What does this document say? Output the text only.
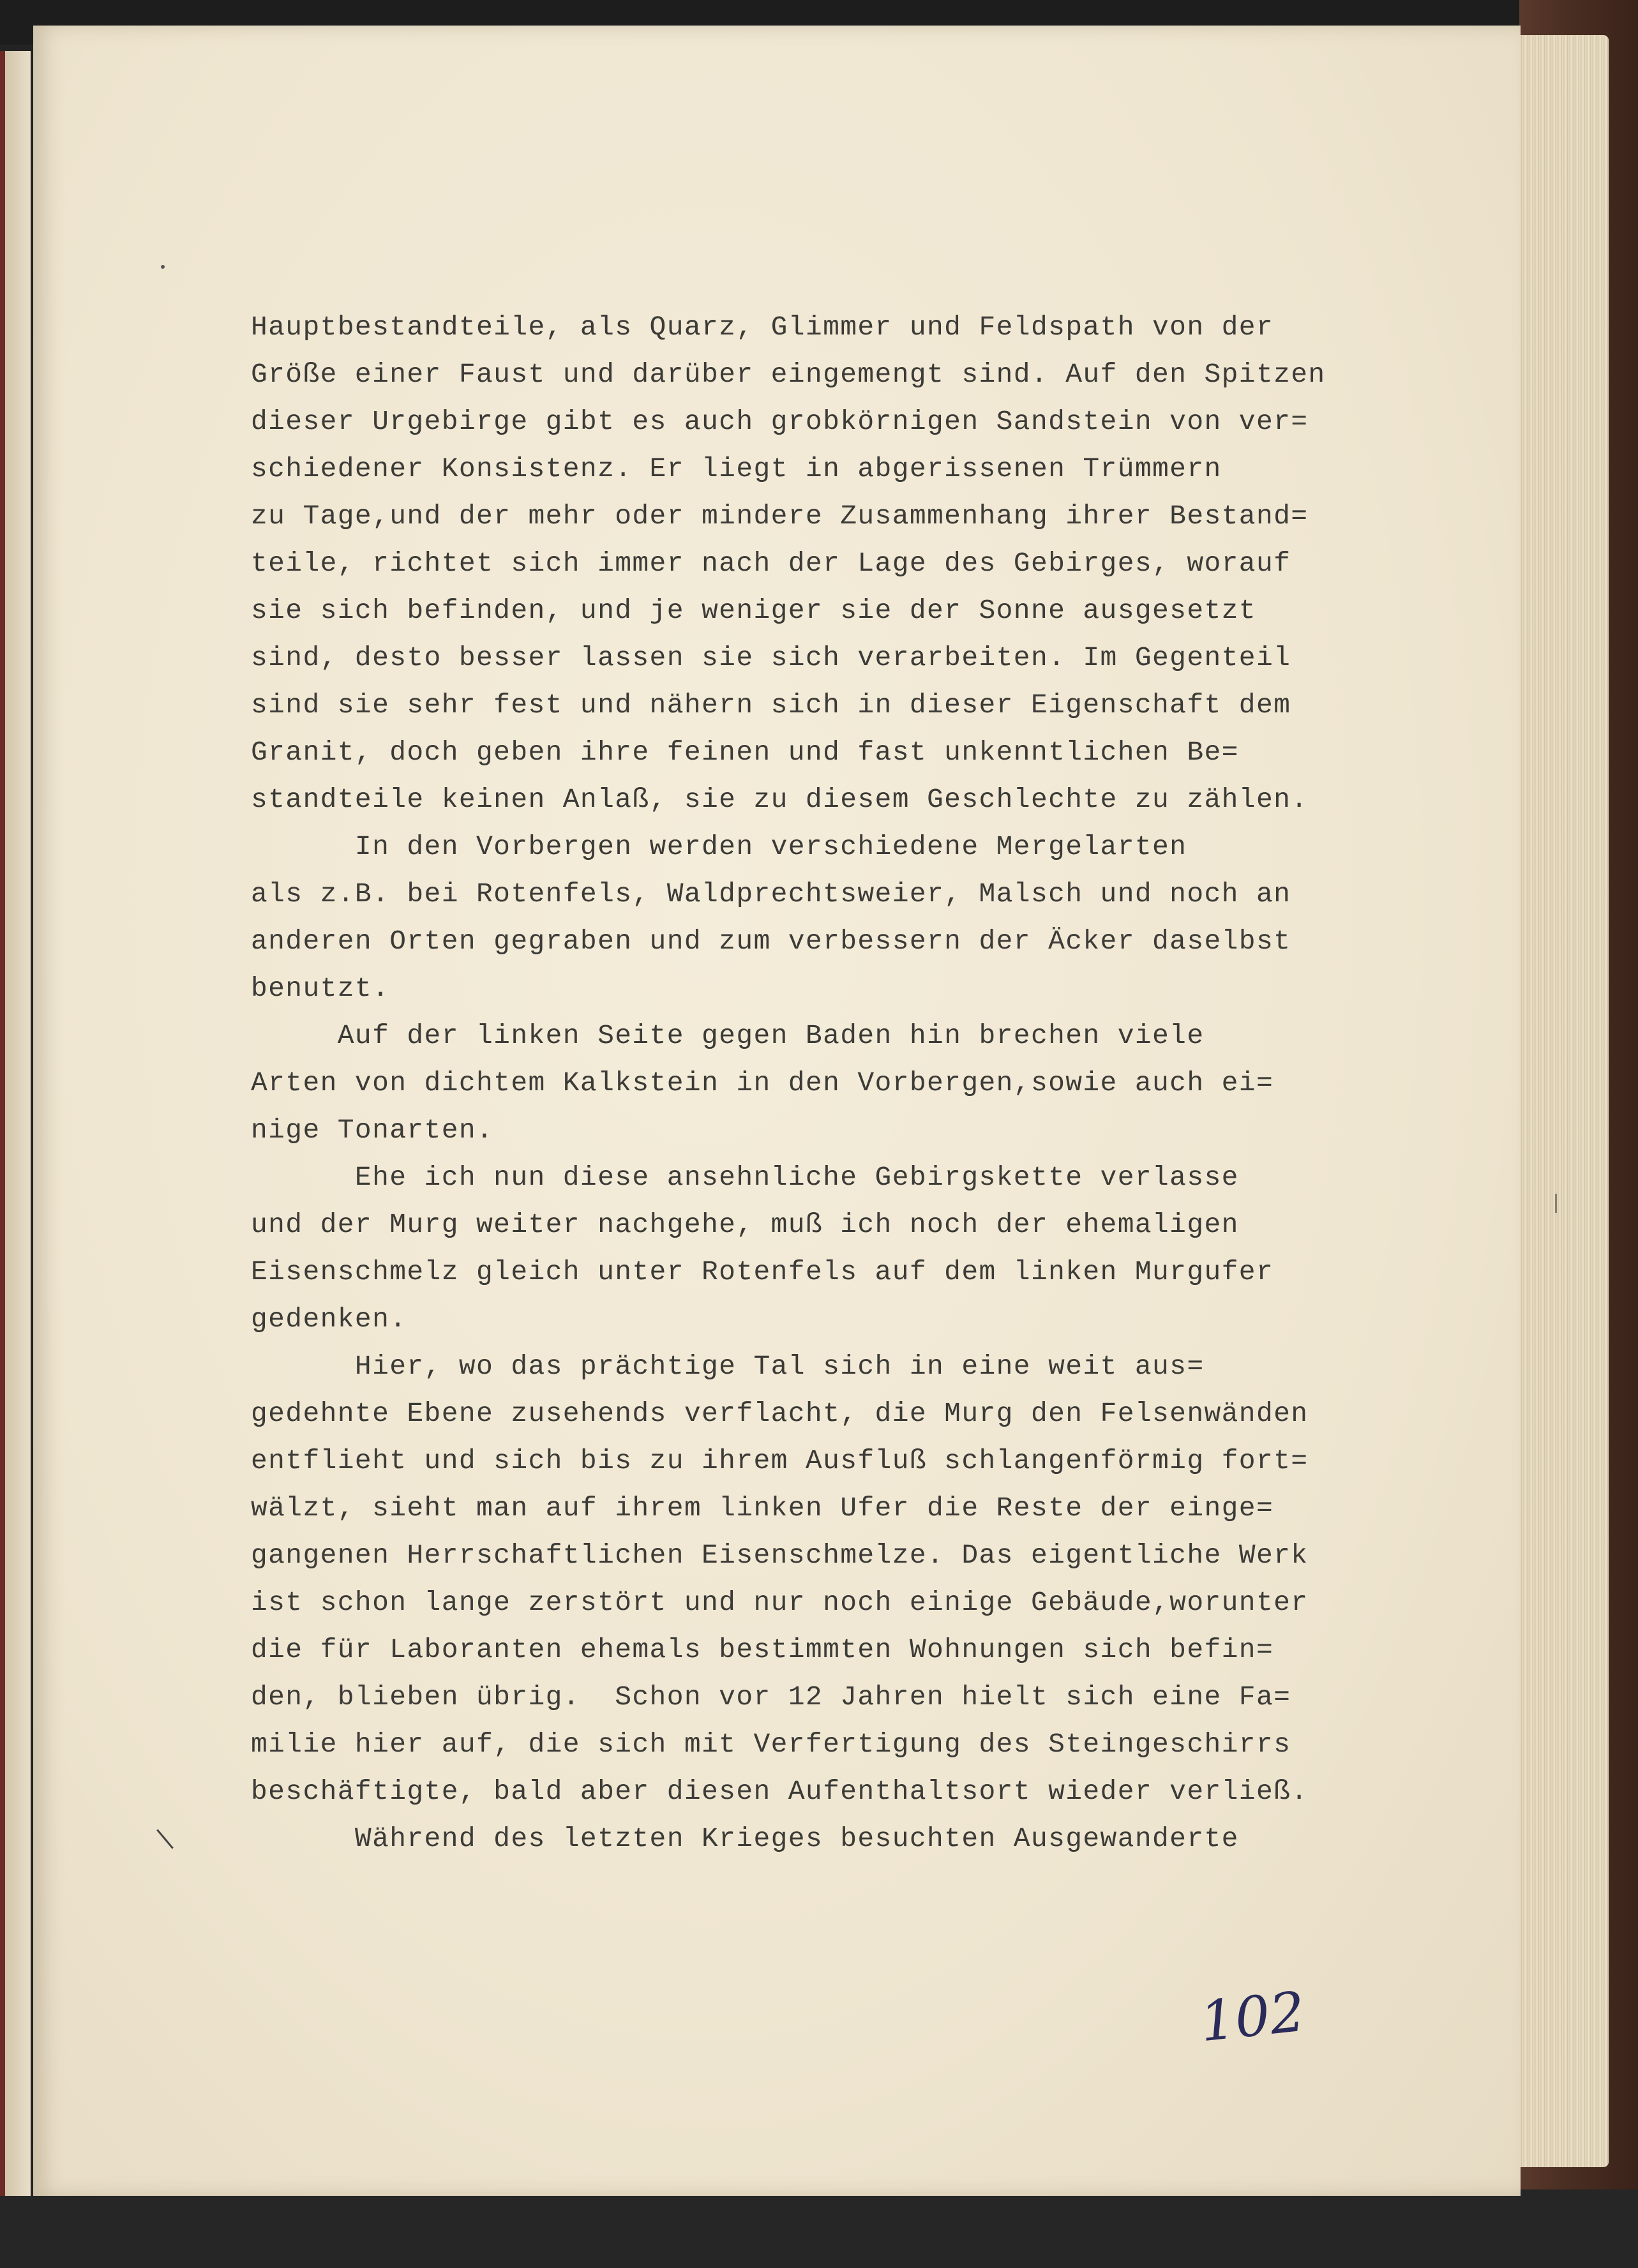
Hauptbestandteile, als Quarz, Glimmer und Feldspath von der
Größe einer Faust und darüber eingemengt sind. Auf den Spitzen
dieser Urgebirge gibt es auch grobkörnigen Sandstein von ver=
schiedener Konsistenz. Er liegt in abgerissenen Trümmern
zu Tage,und der mehr oder mindere Zusammenhang ihrer Bestand=
teile, richtet sich immer nach der Lage des Gebirges, worauf
sie sich befinden, und je weniger sie der Sonne ausgesetzt
sind, desto besser lassen sie sich verarbeiten. Im Gegenteil
sind sie sehr fest und nähern sich in dieser Eigenschaft dem
Granit, doch geben ihre feinen und fast unkenntlichen Be=
standteile keinen Anlaß, sie zu diesem Geschlechte zu zählen.
In den Vorbergen werden verschiedene Mergelarten
als z.B. bei Rotenfels, Waldprechtsweier, Malsch und noch an
anderen Orten gegraben und zum verbessern der Äcker daselbst
benutzt.
Auf der linken Seite gegen Baden hin brechen viele
Arten von dichtem Kalkstein in den Vorbergen,sowie auch ei=
nige Tonarten.
Ehe ich nun diese ansehnliche Gebirgskette verlasse
und der Murg weiter nachgehe, muß ich noch der ehemaligen
Eisenschmelz gleich unter Rotenfels auf dem linken Murgufer
gedenken.
Hier, wo das prächtige Tal sich in eine weit aus=
gedehnte Ebene zusehends verflacht, die Murg den Felsenwänden
entflieht und sich bis zu ihrem Ausfluß schlangenförmig fort=
wälzt, sieht man auf ihrem linken Ufer die Reste der einge=
gangenen Herrschaftlichen Eisenschmelze. Das eigentliche Werk
ist schon lange zerstört und nur noch einige Gebäude,worunter
die für Laboranten ehemals bestimmten Wohnungen sich befin=
den, blieben übrig.  Schon vor 12 Jahren hielt sich eine Fa=
milie hier auf, die sich mit Verfertigung des Steingeschirrs
beschäftigte, bald aber diesen Aufenthaltsort wieder verließ.
Während des letzten Krieges besuchten Ausgewanderte
102
